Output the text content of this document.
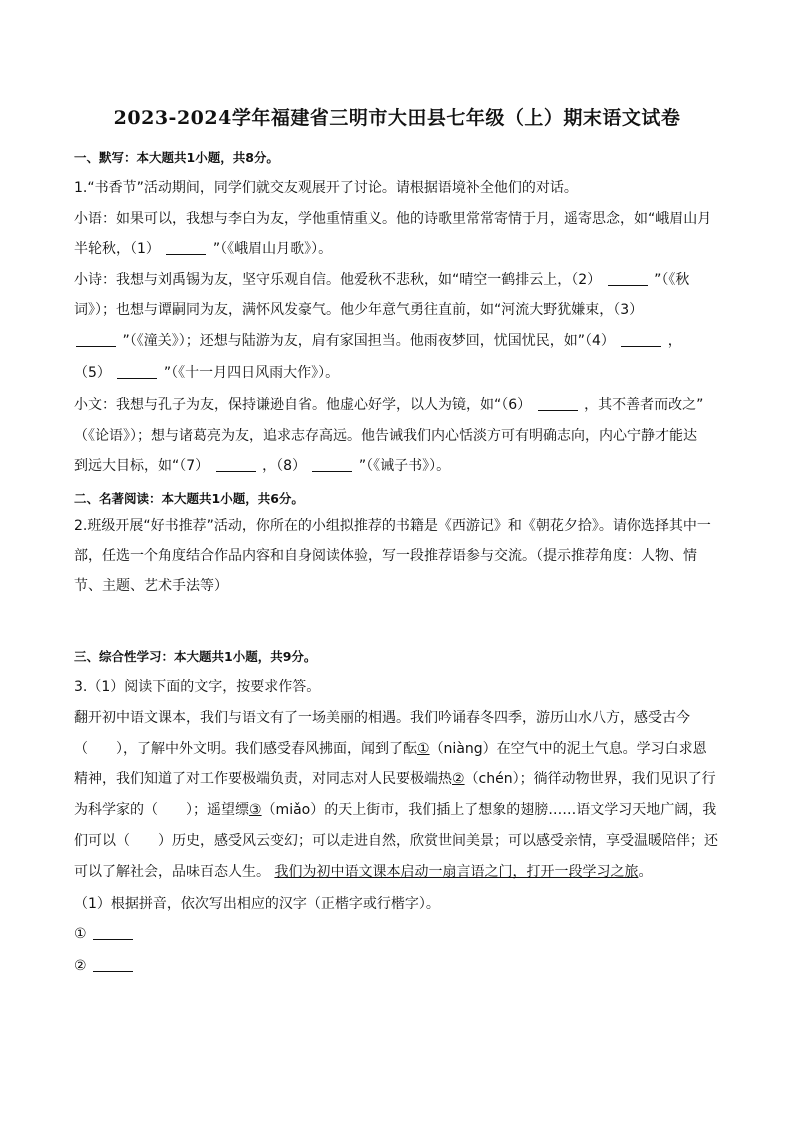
2023-2024学年福建省三明市大田县七年级（上）期末语文试卷
一、默写：本大题共1小题，共8分。
1.“书香节”活动期间，同学们就交友观展开了讨论。请根据语境补全他们的对话。
小语：如果可以，我想与李白为友，学他重情重义。他的诗歌里常常寄情于月，遥寄思念，如“峨眉山月
半轮秋，（1）	”（《峨眉山月歌》）。
小诗：我想与刘禹锡为友，坚守乐观自信。他爱秋不悲秋，如“晴空一鹤排云上，（2）	”（《秋
词》）；也想与谭嗣同为友，满怀风发豪气。他少年意气勇往直前，如“河流大野犹嫌束，（3）
”（《潼关》）；还想与陆游为友，肩有家国担当。他雨夜梦回，忧国忧民，如”（4）	，
（5）	”（《十一月四日风雨大作》）。
小文：我想与孔子为友，保持谦逊自省。他虚心好学，以人为镜，如“（6）	，其不善者而改之”
（《论语》）；想与诸葛亮为友，追求志存高远。他告诫我们内心恬淡方可有明确志向，内心宁静才能达
到远大目标，如“（7）	，（8）	”（《诫子书》）。
二、名著阅读：本大题共1小题，共6分。
2.班级开展“好书推荐”活动，你所在的小组拟推荐的书籍是《西游记》和《朝花夕拾》。请你选择其中一部，任选一个角度结合作品内容和自身阅读体验，写一段推荐语参与交流。（提示推荐角度：人物、情节、主题、艺术手法等）
三、综合性学习：本大题共1小题，共9分。
3.（1）阅读下面的文字，按要求作答。
翻开初中语文课本，我们与语文有了一场美丽的相遇。我们吟诵春冬四季，游历山水八方，感受古今
（　　），了解中外文明。我们感受春风拂面，闻到了酝①（niàng）在空气中的泥土气息。学习白求恩
精神，我们知道了对工作要极端负责，对同志对人民要极端热②（chén）；徜徉动物世界，我们见识了行
为科学家的（　　）；遥望缥③（miǎo）的天上街市，我们插上了想象的翅膀……语文学习天地广阔，我
们可以（　　）历史，感受风云变幻；可以走进自然，欣赏世间美景；可以感受亲情，享受温暖陪伴；还
可以了解社会，品味百态人生。 我们为初中语文课本启动一扇言语之门，打开一段学习之旅。
（1）根据拼音，依次写出相应的汉字（正楷字或行楷字）。
①
②
